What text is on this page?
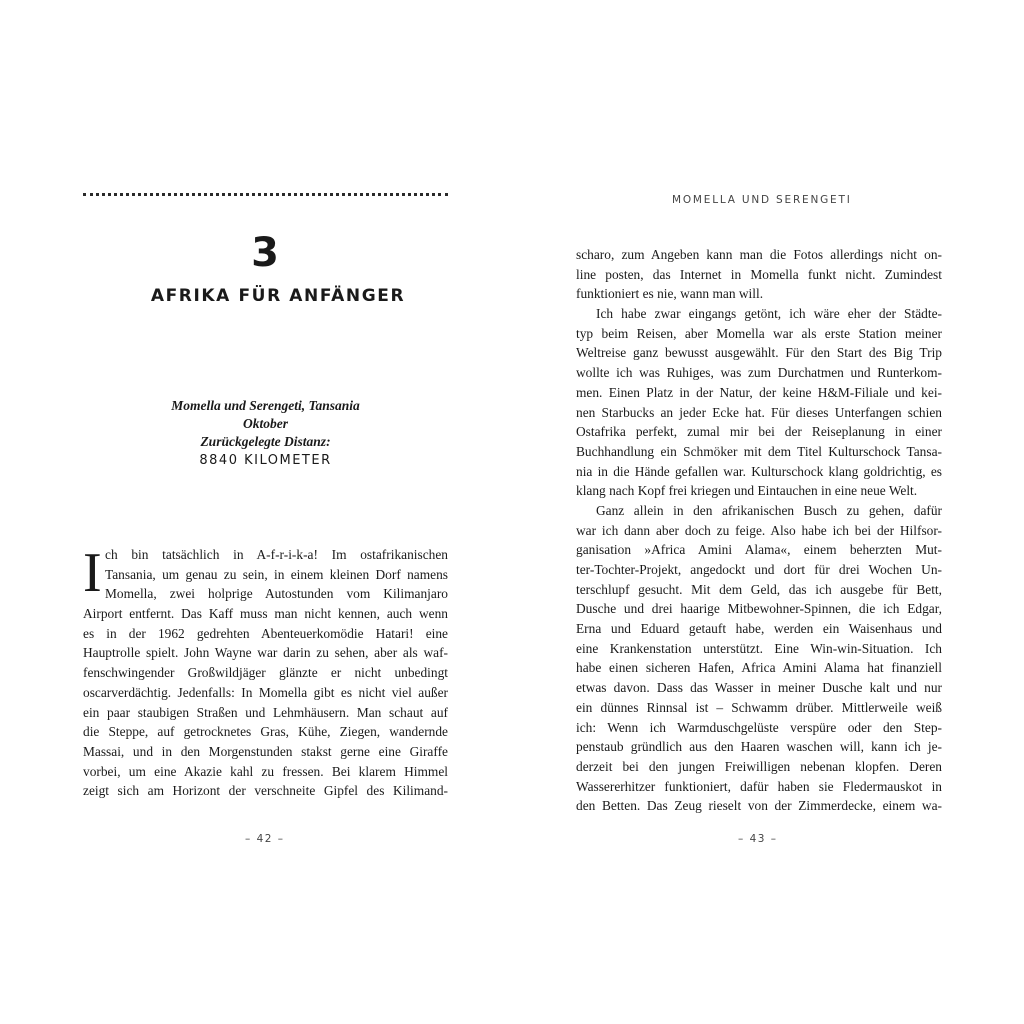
3
AFRIKA FÜR ANFÄNGER
Momella und Serengeti, Tansania
Oktober
Zurückgelegte Distanz:
8840 KILOMETER
I ch bin tatsächlich in A-f-r-i-k-a! Im ostafrikanischen
Tansania, um genau zu sein, in einem kleinen Dorf namens
Momella, zwei holprige Autostunden vom Kilimanjaro
Airport entfernt. Das Kaff muss man nicht kennen, auch wenn
es in der 1962 gedrehten Abenteuerkomödie Hatari! eine
Hauptrolle spielt. John Wayne war darin zu sehen, aber als waf-
fenschwingender Großwildjäger glänzte er nicht unbedingt
oscarverdächtig. Jedenfalls: In Momella gibt es nicht viel außer
ein paar staubigen Straßen und Lehmhäusern. Man schaut auf
die Steppe, auf getrocknetes Gras, Kühe, Ziegen, wandernde
Massai, und in den Morgenstunden stakst gerne eine Giraffe
vorbei, um eine Akazie kahl zu fressen. Bei klarem Himmel
zeigt sich am Horizont der verschneite Gipfel des Kilimand-
– 42 –
MOMELLA UND SERENGETI
scharo, zum Angeben kann man die Fotos allerdings nicht on-
line posten, das Internet in Momella funkt nicht. Zumindest
funktioniert es nie, wann man will.
Ich habe zwar eingangs getönt, ich wäre eher der Städte-
typ beim Reisen, aber Momella war als erste Station meiner
Weltreise ganz bewusst ausgewählt. Für den Start des Big Trip
wollte ich was Ruhiges, was zum Durchatmen und Runterkom-
men. Einen Platz in der Natur, der keine H&M-Filiale und kei-
nen Starbucks an jeder Ecke hat. Für dieses Unterfangen schien
Ostafrika perfekt, zumal mir bei der Reiseplanung in einer
Buchhandlung ein Schmöker mit dem Titel Kulturschock Tansa-
nia in die Hände gefallen war. Kulturschock klang goldrichtig, es
klang nach Kopf frei kriegen und Eintauchen in eine neue Welt.
Ganz allein in den afrikanischen Busch zu gehen, dafür
war ich dann aber doch zu feige. Also habe ich bei der Hilfsor-
ganisation »Africa Amini Alama«, einem beherzten Mut-
ter-Tochter-Projekt, angedockt und dort für drei Wochen Un-
terschlupf gesucht. Mit dem Geld, das ich ausgebe für Bett,
Dusche und drei haarige Mitbewohner-Spinnen, die ich Edgar,
Erna und Eduard getauft habe, werden ein Waisenhaus und
eine Krankenstation unterstützt. Eine Win-win-Situation. Ich
habe einen sicheren Hafen, Africa Amini Alama hat finanziell
etwas davon. Dass das Wasser in meiner Dusche kalt und nur
ein dünnes Rinnsal ist – Schwamm drüber. Mittlerweile weiß
ich: Wenn ich Warmduschgelüste verspüre oder den Step-
penstaub gründlich aus den Haaren waschen will, kann ich je-
derzeit bei den jungen Freiwilligen nebenan klopfen. Deren
Wassererhitzer funktioniert, dafür haben sie Fledermauskot in
den Betten. Das Zeug rieselt von der Zimmerdecke, einem wa-
– 43 –
